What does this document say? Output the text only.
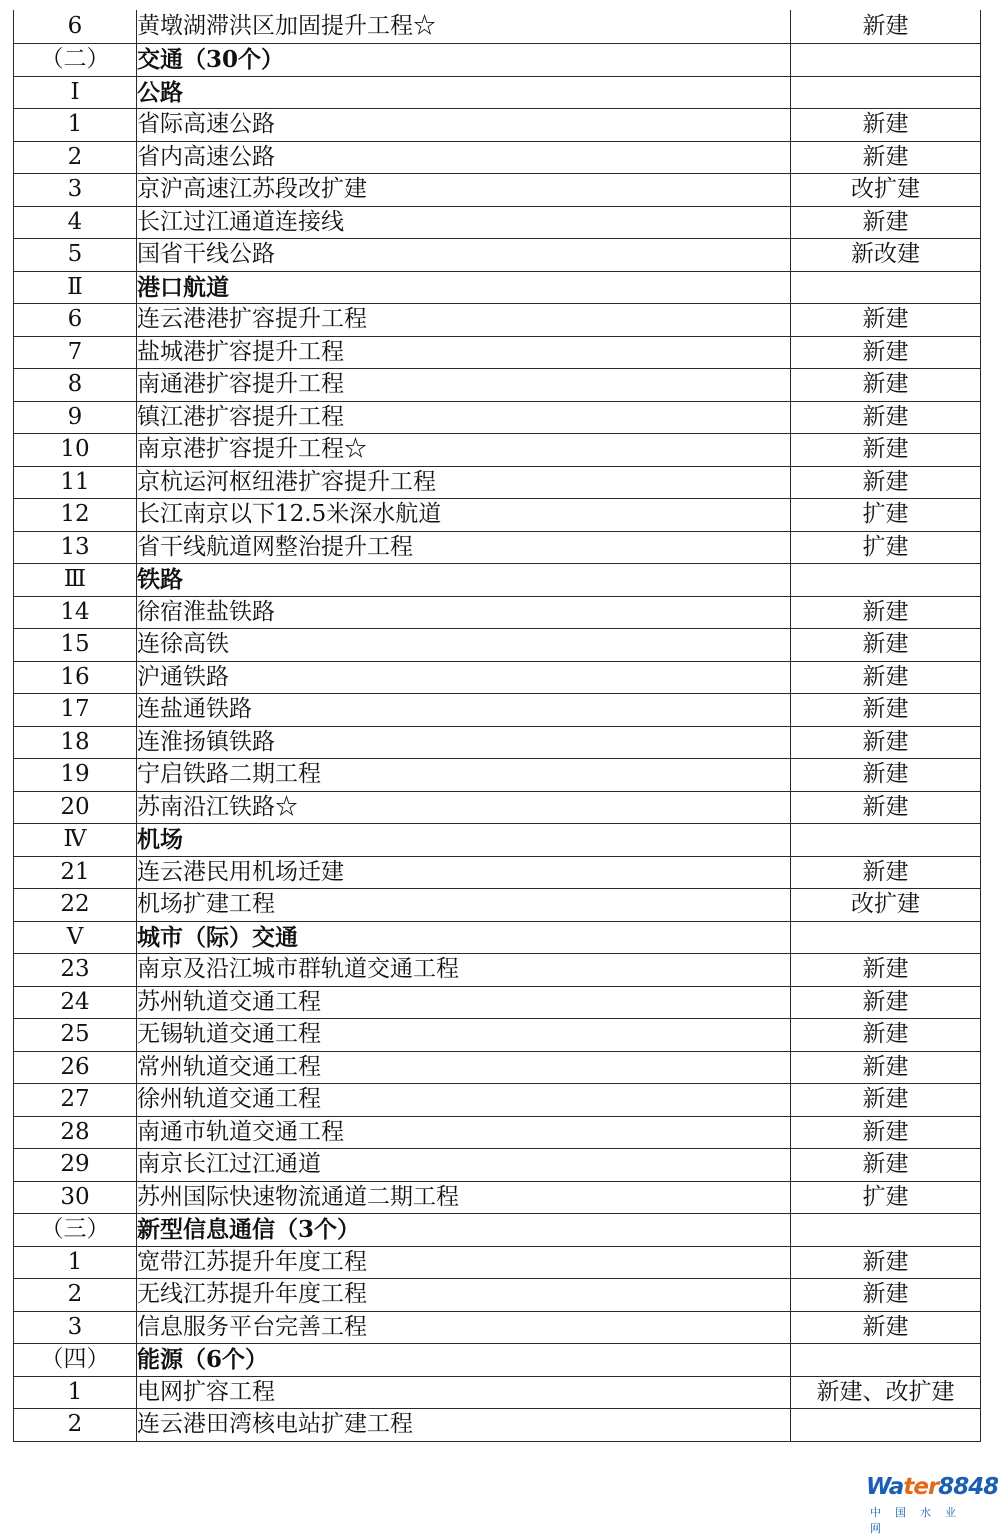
6	黄墩湖滞洪区加固提升工程☆	新建
（二）	交通（30个）	
Ⅰ	公路	
1	省际高速公路	新建
2	省内高速公路	新建
3	京沪高速江苏段改扩建	改扩建
4	长江过江通道连接线	新建
5	国省干线公路	新改建
Ⅱ	港口航道	
6	连云港港扩容提升工程	新建
7	盐城港扩容提升工程	新建
8	南通港扩容提升工程	新建
9	镇江港扩容提升工程	新建
10	南京港扩容提升工程☆	新建
11	京杭运河枢纽港扩容提升工程	新建
12	长江南京以下12.5米深水航道	扩建
13	省干线航道网整治提升工程	扩建
Ⅲ	铁路	
14	徐宿淮盐铁路	新建
15	连徐高铁	新建
16	沪通铁路	新建
17	连盐通铁路	新建
18	连淮扬镇铁路	新建
19	宁启铁路二期工程	新建
20	苏南沿江铁路☆	新建
Ⅳ	机场	
21	连云港民用机场迁建	新建
22	机场扩建工程	改扩建
Ⅴ	城市（际）交通	
23	南京及沿江城市群轨道交通工程	新建
24	苏州轨道交通工程	新建
25	无锡轨道交通工程	新建
26	常州轨道交通工程	新建
27	徐州轨道交通工程	新建
28	南通市轨道交通工程	新建
29	南京长江过江通道	新建
30	苏州国际快速物流通道二期工程	扩建
（三）	新型信息通信（3个）	
1	宽带江苏提升年度工程	新建
2	无线江苏提升年度工程	新建
3	信息服务平台完善工程	新建
（四）	能源（6个）	
1	电网扩容工程	新建、改扩建
2	连云港田湾核电站扩建工程	
Water8848
中国水业网
